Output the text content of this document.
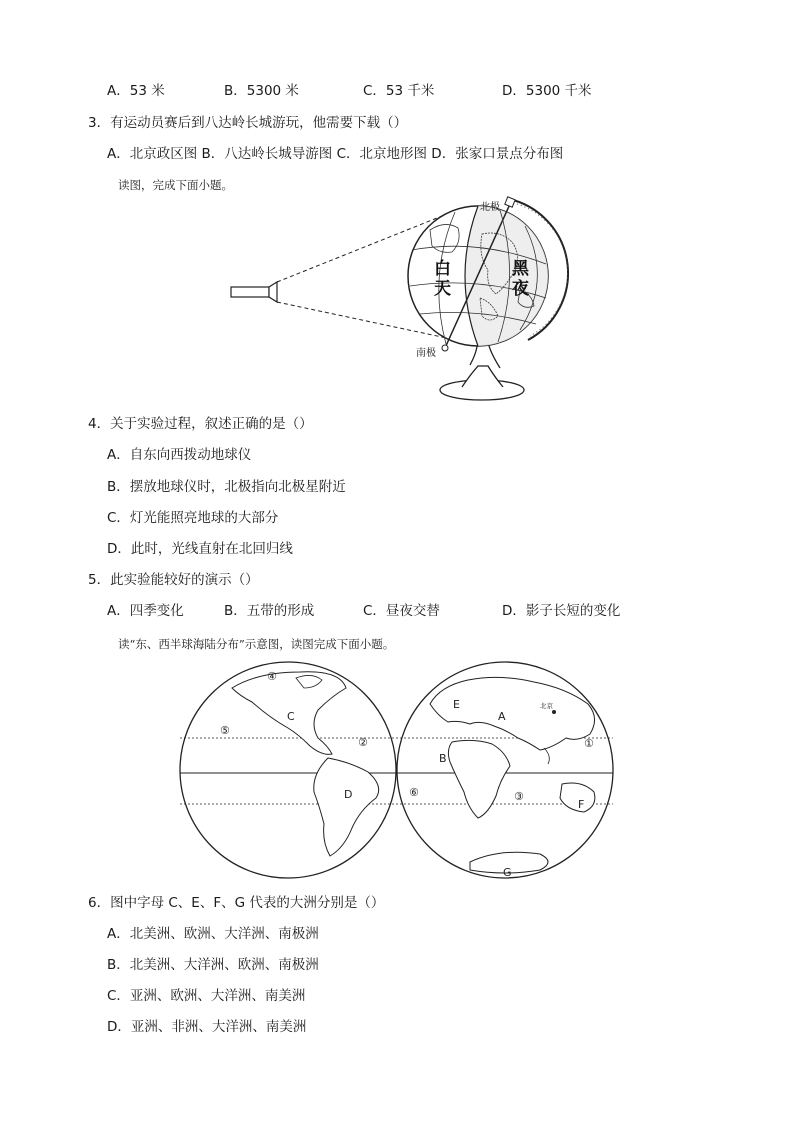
A．53 米	B．5300 米	C．53 千米	D．5300 千米
3．有运动员赛后到八达岭长城游玩，他需要下载（）
A．北京政区图 B．八达岭长城导游图 C．北京地形图 D．张家口景点分布图
读图，完成下面小题。
北极
南极
白
天
黑
夜
4．关于实验过程，叙述正确的是（）
A．自东向西拨动地球仪
B．摆放地球仪时，北极指向北极星附近
C．灯光能照亮地球的大部分
D．此时，光线直射在北回归线
5．此实验能较好的演示（）
A．四季变化	B．五带的形成	C．昼夜交替	D．影子长短的变化
读“东、西半球海陆分布”示意图，读图完成下面小题。
北京
C
D
A
B
E
F
G
①
②
③
④
⑤
⑥
6．图中字母 C、E、F、G 代表的大洲分别是（）
A．北美洲、欧洲、大洋洲、南极洲
B．北美洲、大洋洲、欧洲、南极洲
C．亚洲、欧洲、大洋洲、南美洲
D．亚洲、非洲、大洋洲、南美洲
